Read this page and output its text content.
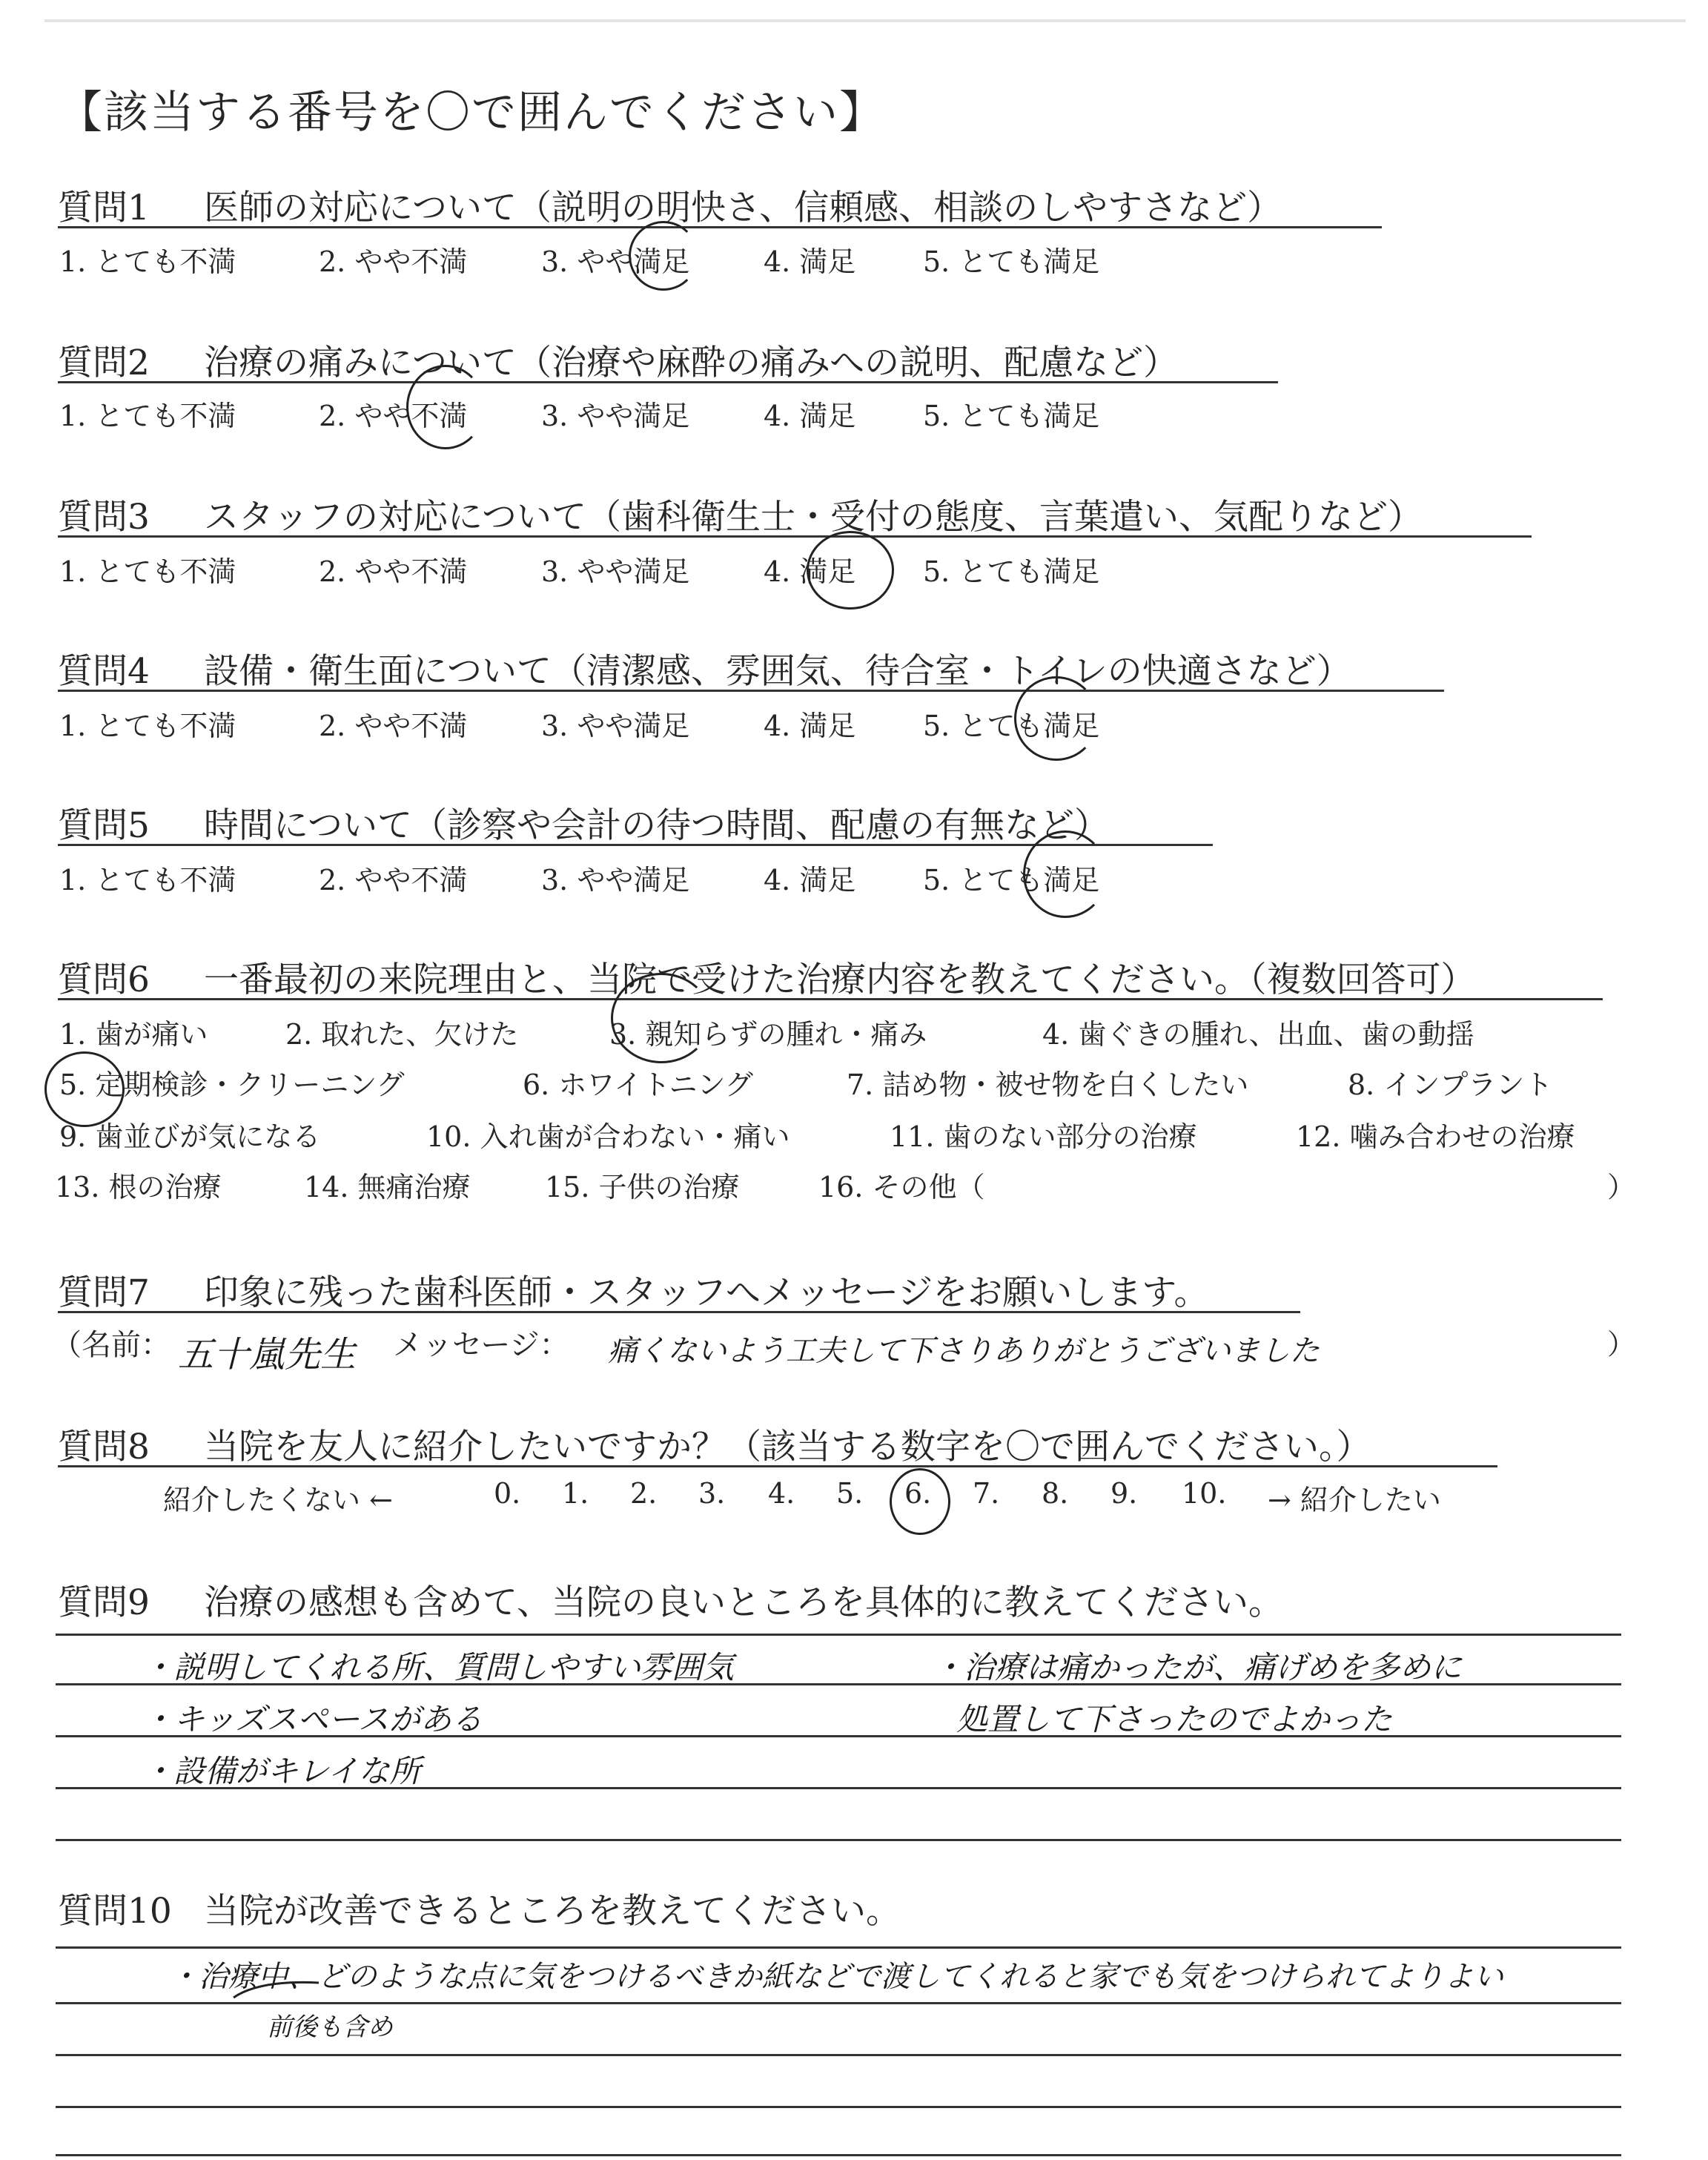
【該当する番号を〇で囲んでください】
質問1 医師の対応について（説明の明快さ、信頼感、相談のしやすさなど）
1. とても不満	2. やや不満	3. やや満足	4. 満足 5. とても満足
質問2 治療の痛みについて（治療や麻酔の痛みへの説明、配慮など）
1. とても不満	2. やや不満	3. やや満足	4. 満足 5. とても満足
質問3 スタッフの対応について（歯科衛生士・受付の態度、言葉遣い、気配りなど）
1. とても不満	2. やや不満	3. やや満足	4. 満足 5. とても満足
質問4 設備・衛生面について（清潔感、雰囲気、待合室・トイレの快適さなど）
1. とても不満	2. やや不満	3. やや満足	4. 満足 5. とても満足
質問5 時間について（診察や会計の待つ時間、配慮の有無など）
1. とても不満	2. やや不満	3. やや満足	4. 満足 5. とても満足
質問6 一番最初の来院理由と、当院で受けた治療内容を教えてください。（複数回答可）
1. 歯が痛い	2. 取れた、欠けた	3. 親知らずの腫れ・痛み	4. 歯ぐきの腫れ、出血、歯の動揺
5. 定期検診・クリーニング	6. ホワイトニング	7. 詰め物・被せ物を白くしたい	8. インプラント
9. 歯並びが気になる	10. 入れ歯が合わない・痛い	11. 歯のない部分の治療	12. 噛み合わせの治療
13. 根の治療	14. 無痛治療	15. 子供の治療	16. その他（	）
質問7 印象に残った歯科医師・スタッフへメッセージをお願いします。
（名前： 五十嵐先生 メッセージ： 痛くないよう工夫して下さりありがとうございました	）
質問8 当院を友人に紹介したいですか？（該当する数字を〇で囲んでください。）
紹介したくない ←	0. 1. 2. 3. 4. 5. 6. 7. 8. 9. 10. → 紹介したい
質問9 治療の感想も含めて、当院の良いところを具体的に教えてください。
・説明してくれる所、質問しやすい雰囲気
・キッズスペースがある
・設備がキレイな所
・治療は痛かったが、痛げめを多めに
処置して下さったのでよかった
質問10 当院が改善できるところを教えてください。
・治療中、どのような点に気をつけるべきか紙などで渡してくれると家でも気をつけられてよりよい
前後も含め
